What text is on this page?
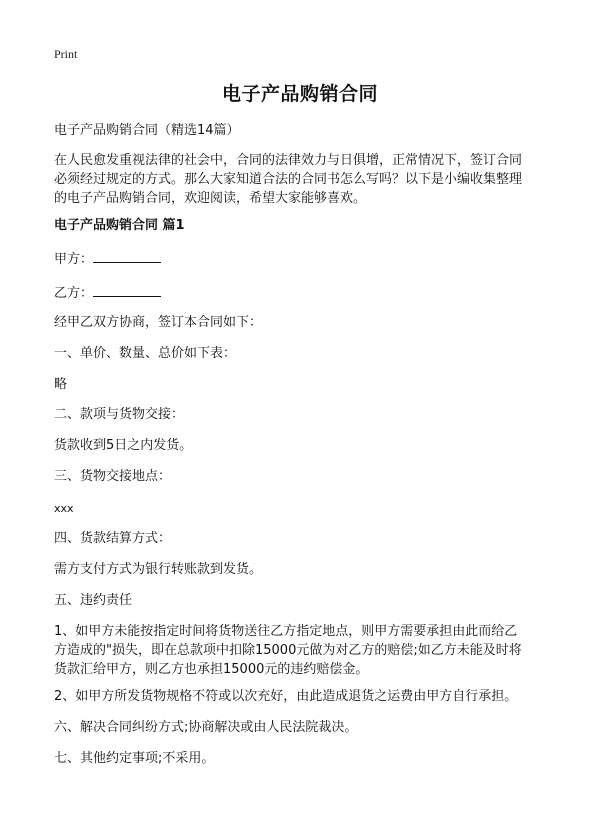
Print
电子产品购销合同
电子产品购销合同（精选14篇）
在人民愈发重视法律的社会中，合同的法律效力与日俱增，正常情况下，签订合同
必须经过规定的方式。那么大家知道合法的合同书怎么写吗？以下是小编收集整理
的电子产品购销合同，欢迎阅读，希望大家能够喜欢。
电子产品购销合同 篇1
甲方：
乙方：
经甲乙双方协商，签订本合同如下：
一、单价、数量、总价如下表：
略
二、款项与货物交接：
货款收到5日之内发货。
三、货物交接地点：
xxx
四、货款结算方式：
需方支付方式为银行转账款到发货。
五、违约责任
1、如甲方未能按指定时间将货物送往乙方指定地点，则甲方需要承担由此而给乙
方造成的"损失，即在总款项中扣除15000元做为对乙方的赔偿;如乙方未能及时将
货款汇给甲方，则乙方也承担15000元的违约赔偿金。
2、如甲方所发货物规格不符或以次充好，由此造成退货之运费由甲方自行承担。
六、解决合同纠纷方式;协商解决或由人民法院裁决。
七、其他约定事项;不采用。
